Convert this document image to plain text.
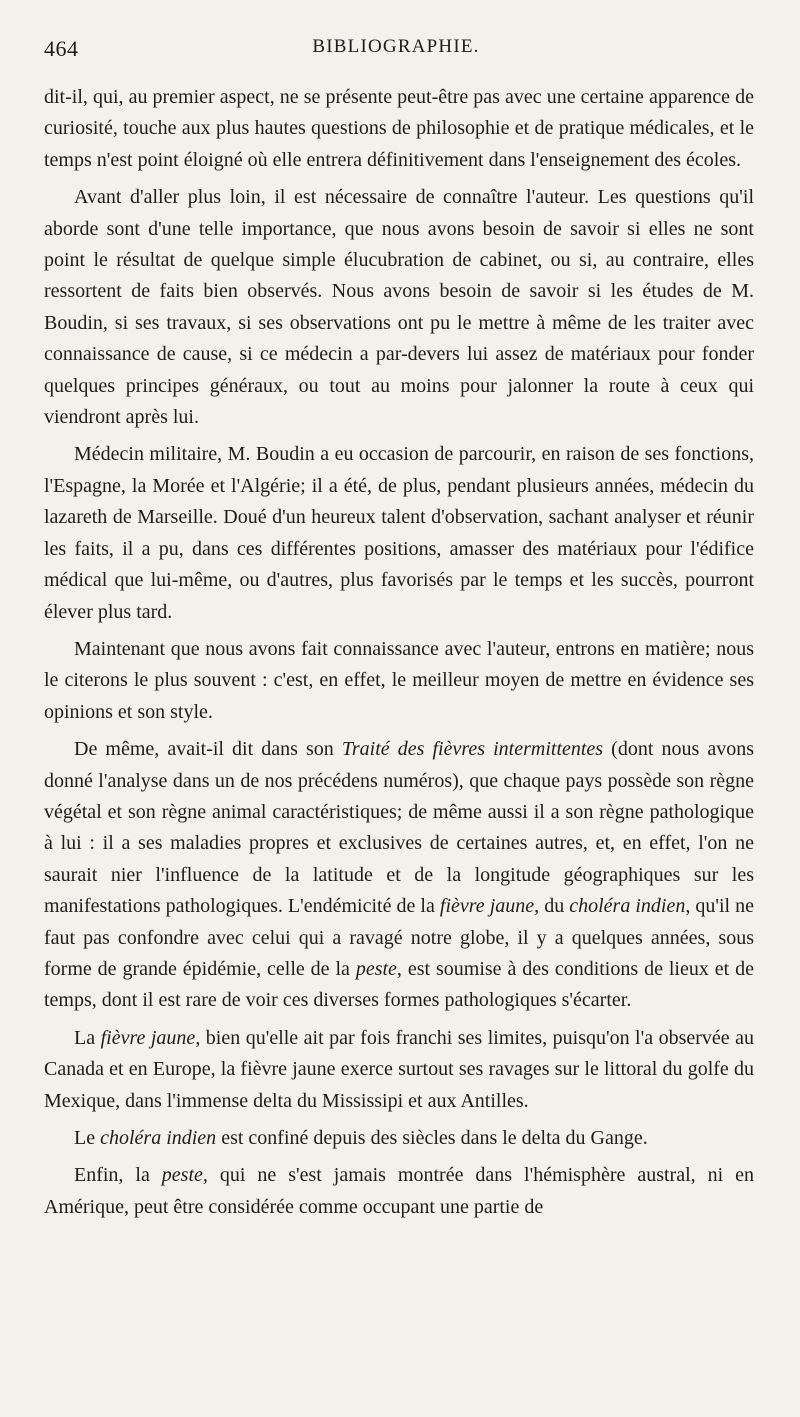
464	BIBLIOGRAPHIE.

dit-il, qui, au premier aspect, ne se présente peut-être pas avec une certaine apparence de curiosité, touche aux plus hautes questions de philosophie et de pratique médicales, et le temps n'est point éloigné où elle entrera définitivement dans l'enseignement des écoles.

Avant d'aller plus loin, il est nécessaire de connaître l'auteur. Les questions qu'il aborde sont d'une telle importance, que nous avons besoin de savoir si elles ne sont point le résultat de quelque simple élucubration de cabinet, ou si, au contraire, elles ressortent de faits bien observés. Nous avons besoin de savoir si les études de M. Boudin, si ses travaux, si ses observations ont pu le mettre à même de les traiter avec connaissance de cause, si ce médecin a par-devers lui assez de matériaux pour fonder quelques principes généraux, ou tout au moins pour jalonner la route à ceux qui viendront après lui.

Médecin militaire, M. Boudin a eu occasion de parcourir, en raison de ses fonctions, l'Espagne, la Morée et l'Algérie; il a été, de plus, pendant plusieurs années, médecin du lazareth de Marseille. Doué d'un heureux talent d'observation, sachant analyser et réunir les faits, il a pu, dans ces différentes positions, amasser des matériaux pour l'édifice médical que lui-même, ou d'autres, plus favorisés par le temps et les succès, pourront élever plus tard.

Maintenant que nous avons fait connaissance avec l'auteur, entrons en matière; nous le citerons le plus souvent : c'est, en effet, le meilleur moyen de mettre en évidence ses opinions et son style.

De même, avait-il dit dans son Traité des fièvres intermittentes (dont nous avons donné l'analyse dans un de nos précédens numéros), que chaque pays possède son règne végétal et son règne animal caractéristiques; de même aussi il a son règne pathologique à lui : il a ses maladies propres et exclusives de certaines autres, et, en effet, l'on ne saurait nier l'influence de la latitude et de la longitude géographiques sur les manifestations pathologiques. L'endémicité de la fièvre jaune, du choléra indien, qu'il ne faut pas confondre avec celui qui a ravagé notre globe, il y a quelques années, sous forme de grande épidémie, celle de la peste, est soumise à des conditions de lieux et de temps, dont il est rare de voir ces diverses formes pathologiques s'écarter.

La fièvre jaune, bien qu'elle ait par fois franchi ses limites, puisqu'on l'a observée au Canada et en Europe, la fièvre jaune exerce surtout ses ravages sur le littoral du golfe du Mexique, dans l'immense delta du Mississipi et aux Antilles.

Le choléra indien est confiné depuis des siècles dans le delta du Gange.

Enfin, la peste, qui ne s'est jamais montrée dans l'hémisphère austral, ni en Amérique, peut être considérée comme occupant une partie de
